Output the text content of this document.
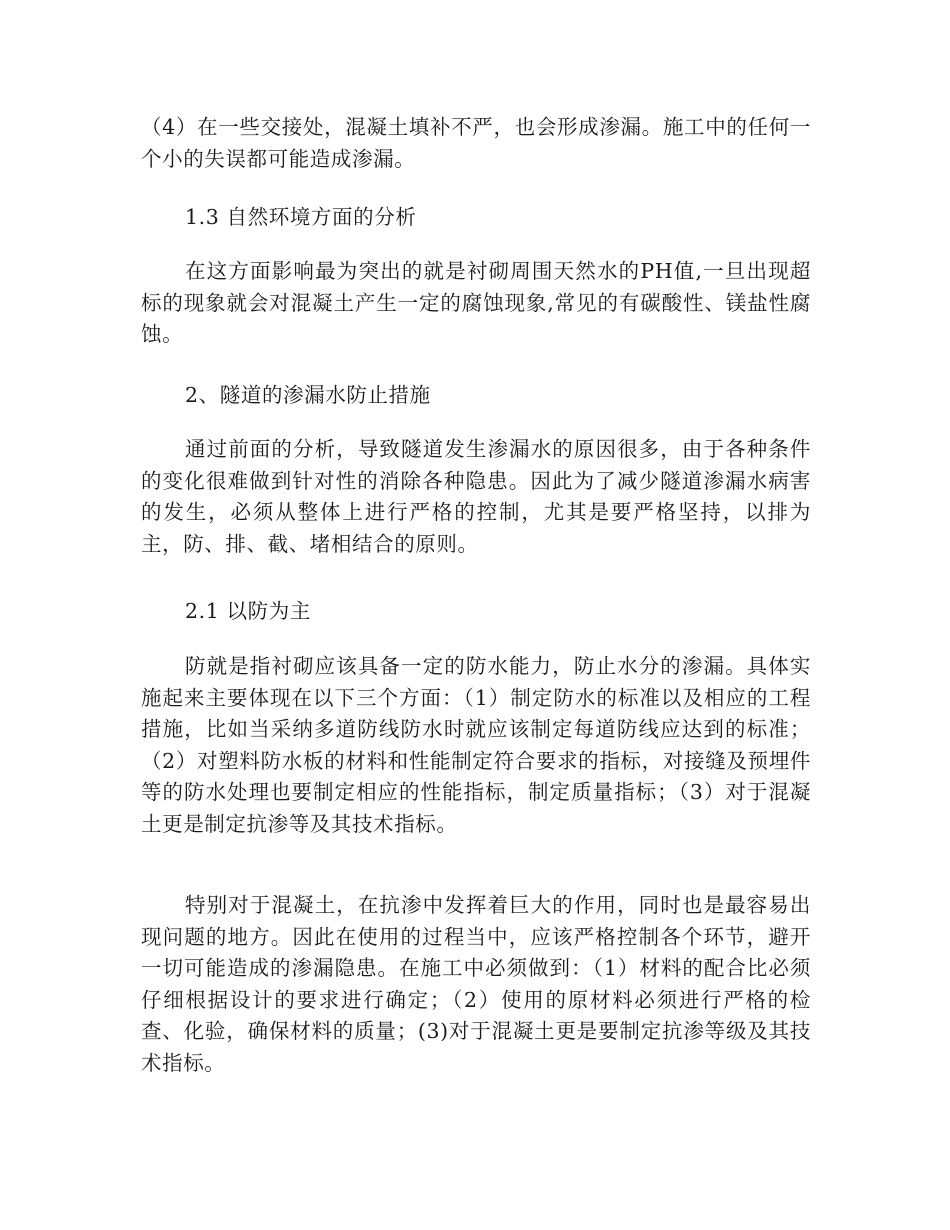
（4）在一些交接处，混凝土填补不严，也会形成渗漏。施工中的任何一个小的失误都可能造成渗漏。

1.3 自然环境方面的分析

在这方面影响最为突出的就是衬砌周围天然水的PH值,一旦出现超标的现象就会对混凝土产生一定的腐蚀现象,常见的有碳酸性、镁盐性腐蚀。

2、隧道的渗漏水防止措施

通过前面的分析，导致隧道发生渗漏水的原因很多，由于各种条件的变化很难做到针对性的消除各种隐患。因此为了减少隧道渗漏水病害的发生，必须从整体上进行严格的控制，尤其是要严格坚持，以排为主，防、排、截、堵相结合的原则。

2.1 以防为主

防就是指衬砌应该具备一定的防水能力，防止水分的渗漏。具体实施起来主要体现在以下三个方面：（1）制定防水的标准以及相应的工程措施，比如当采纳多道防线防水时就应该制定每道防线应达到的标准；（2）对塑料防水板的材料和性能制定符合要求的指标，对接缝及预埋件等的防水处理也要制定相应的性能指标，制定质量指标；（3）对于混凝土更是制定抗渗等及其技术指标。

特别对于混凝土，在抗渗中发挥着巨大的作用，同时也是最容易出现问题的地方。因此在使用的过程当中，应该严格控制各个环节，避开一切可能造成的渗漏隐患。在施工中必须做到：（1）材料的配合比必须仔细根据设计的要求进行确定；（2）使用的原材料必须进行严格的检查、化验，确保材料的质量；(3)对于混凝土更是要制定抗渗等级及其技术指标。
